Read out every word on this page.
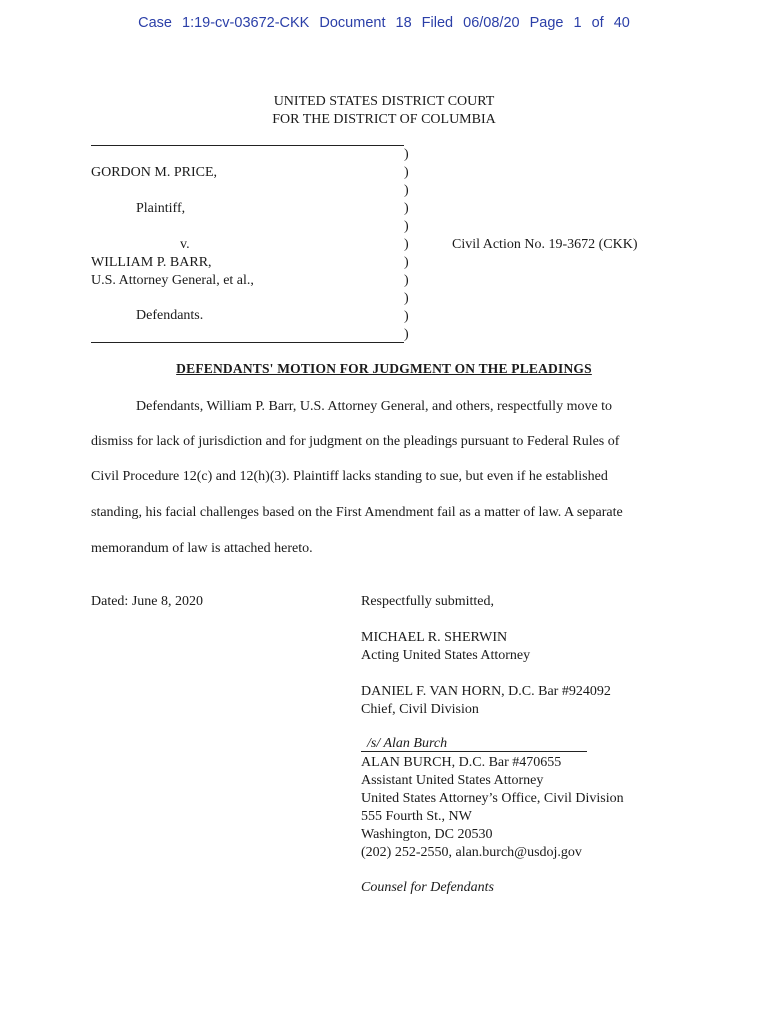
Case 1:19-cv-03672-CKK Document 18 Filed 06/08/20 Page 1 of 40
UNITED STATES DISTRICT COURT
FOR THE DISTRICT OF COLUMBIA
)
)
)
)
)
)
)
)
)
)
)
GORDON M. PRICE,
Plaintiff,
v.
WILLIAM P. BARR,
U.S. Attorney General, et al.,
Defendants.
Civil Action No. 19-3672 (CKK)
DEFENDANTS' MOTION FOR JUDGMENT ON THE PLEADINGS
Defendants, William P. Barr, U.S. Attorney General, and others, respectfully move to
dismiss for lack of jurisdiction and for judgment on the pleadings pursuant to Federal Rules of
Civil Procedure 12(c) and 12(h)(3). Plaintiff lacks standing to sue, but even if he established
standing, his facial challenges based on the First Amendment fail as a matter of law. A separate
memorandum of law is attached hereto.
Dated: June 8, 2020	Respectfully submitted,
MICHAEL R. SHERWIN
Acting United States Attorney
DANIEL F. VAN HORN, D.C. Bar #924092
Chief, Civil Division
/s/ Alan Burch
ALAN BURCH, D.C. Bar #470655
Assistant United States Attorney
United States Attorney’s Office, Civil Division
555 Fourth St., NW
Washington, DC 20530
(202) 252-2550, alan.burch@usdoj.gov
Counsel for Defendants
